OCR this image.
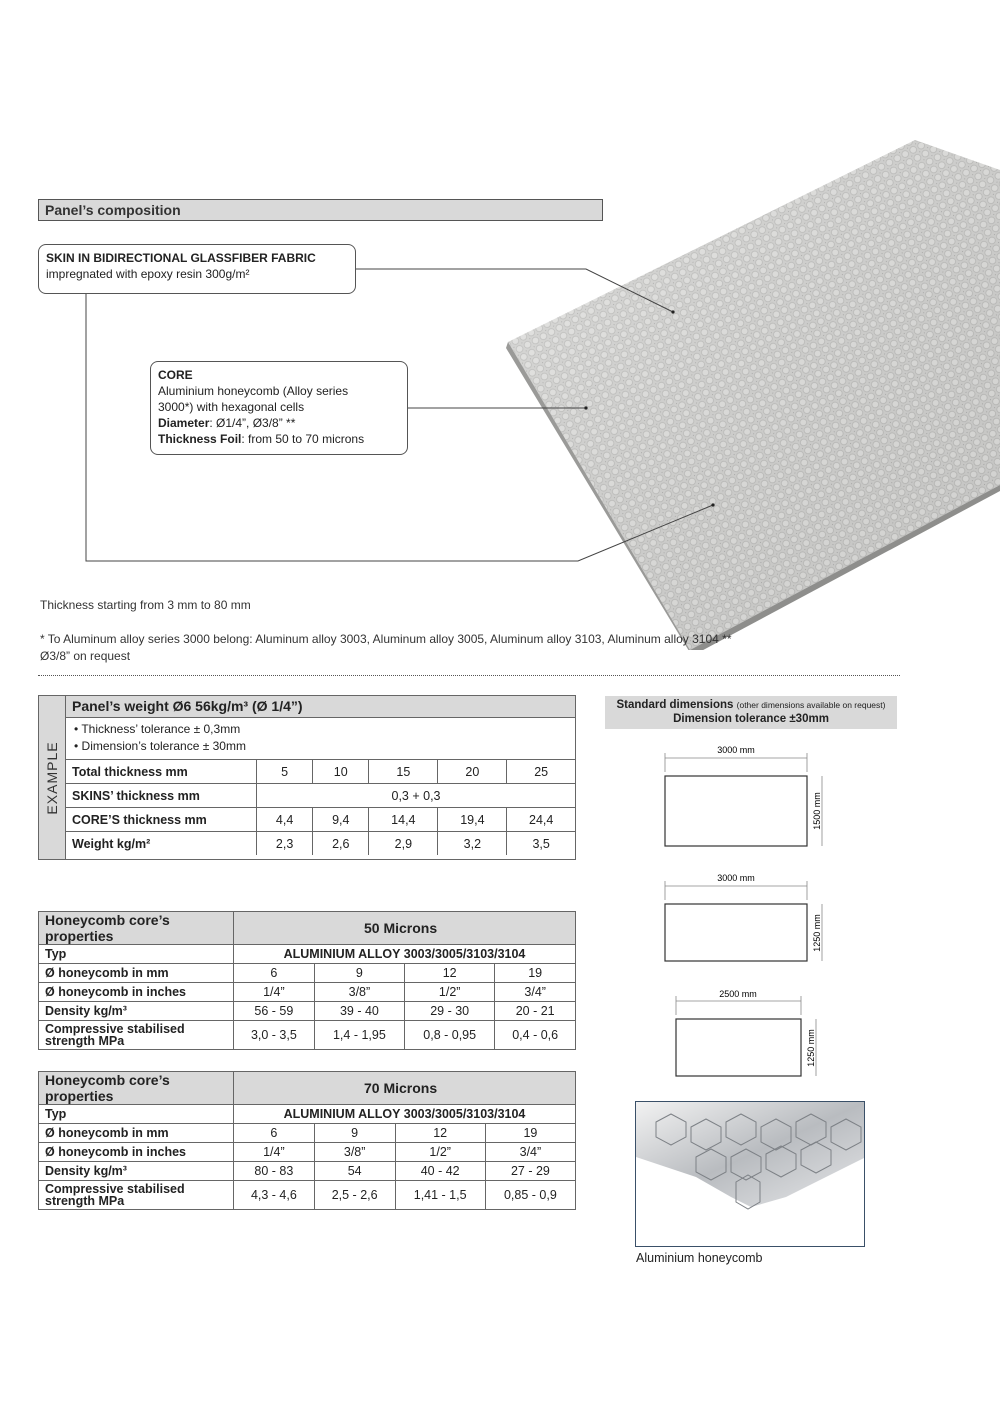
Panel’s composition
SKIN IN BIDIRECTIONAL GLASSFIBER FABRIC
impregnated with epoxy resin 300g/m²
CORE
Aluminium honeycomb (Alloy series
3000*) with hexagonal cells
Diameter: Ø1/4”, Ø3/8” **
Thickness Foil: from 50 to 70 microns
Thickness starting from 3 mm to 80 mm
* To Aluminum alloy series 3000 belong: Aluminum alloy 3003, Aluminum alloy 3005, Aluminum alloy 3103, Aluminum alloy 3104 **
Ø3/8” on request
EXAMPLE
Panel’s weight Ø6 56kg/m³ (Ø 1/4”)
• Thickness’ tolerance ± 0,3mm
• Dimension’s tolerance ± 30mm
Total thickness mm	5	10	15	20	25
SKINS’ thickness mm	0,3 + 0,3				
CORE’S thickness mm	4,4	9,4	14,4	19,4	24,4
Weight kg/m²	2,3	2,6	2,9	3,2	3,5
Honeycomb core’s properties	50 Microns			
Typ	ALUMINIUM ALLOY 3003/3005/3103/3104			
Ø honeycomb in mm	6	9	12	19
Ø honeycomb in inches	1/4”	3/8”	1/2”	3/4”
Density kg/m³	56 - 59	39 - 40	29 - 30	20 - 21
Compressive stabilised strength MPa	3,0 - 3,5	1,4 - 1,95	0,8 - 0,95	0,4 - 0,6
Honeycomb core’s properties	70 Microns			
Typ	ALUMINIUM ALLOY 3003/3005/3103/3104			
Ø honeycomb in mm	6	9	12	19
Ø honeycomb in inches	1/4”	3/8”	1/2”	3/4”
Density kg/m³	80 - 83	54	40 - 42	27 - 29
Compressive stabilised strength MPa	4,3 - 4,6	2,5 - 2,6	1,41 - 1,5	0,85 - 0,9
Standard dimensions (other dimensions available on request)
Dimension tolerance ±30mm
3000 mm
1500 mm
3000 mm
1250 mm
2500 mm
1250 mm
Aluminium honeycomb
